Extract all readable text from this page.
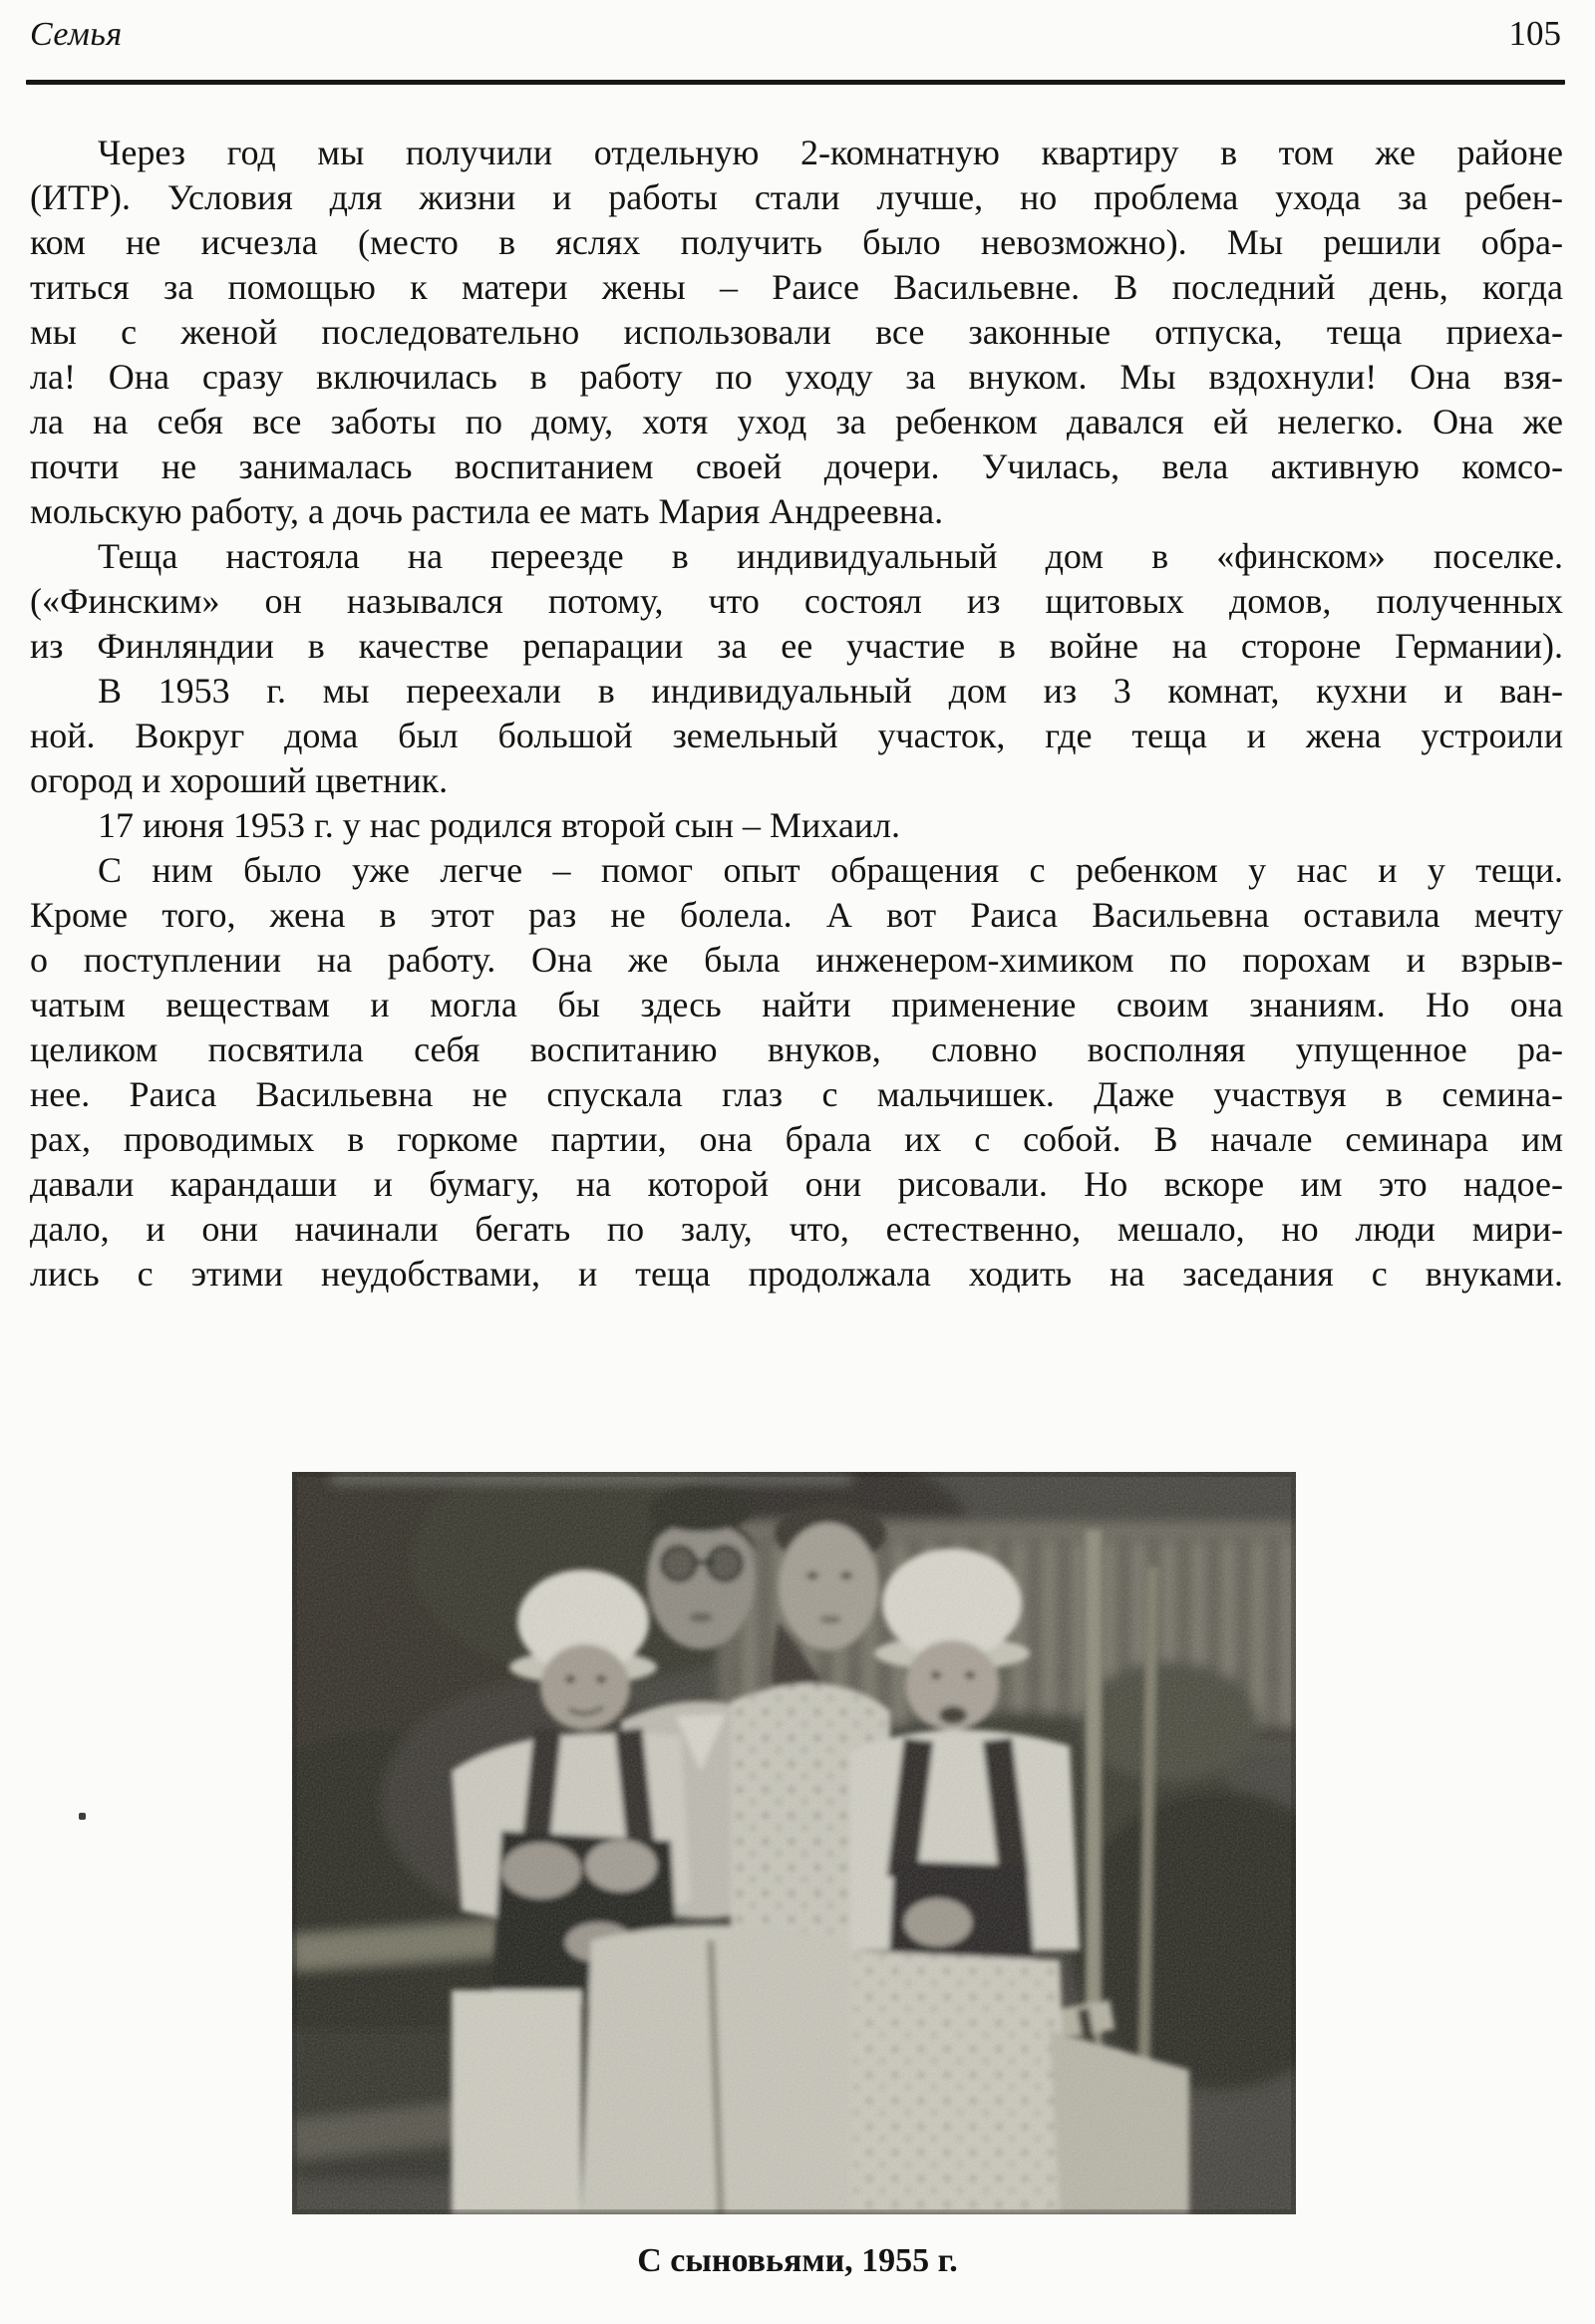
Семья	105
Через год мы получили отдельную 2-комнатную квартиру в том же районе
(ИТР). Условия для жизни и работы стали лучше, но проблема ухода за ребен-
ком не исчезла (место в яслях получить было невозможно). Мы решили обра-
титься за помощью к матери жены – Раисе Васильевне. В последний день, когда
мы с женой последовательно использовали все законные отпуска, теща приеха-
ла! Она сразу включилась в работу по уходу за внуком. Мы вздохнули! Она взя-
ла на себя все заботы по дому, хотя уход за ребенком давался ей нелегко. Она же
почти не занималась воспитанием своей дочери. Училась, вела активную комсо-
мольскую работу, а дочь растила ее мать Мария Андреевна.
Теща настояла на переезде в индивидуальный дом в «финском» поселке.
(«Финским» он назывался потому, что состоял из щитовых домов, полученных
из Финляндии в качестве репарации за ее участие в войне на стороне Германии).
В 1953 г. мы переехали в индивидуальный дом из 3 комнат, кухни и ван-
ной. Вокруг дома был большой земельный участок, где теща и жена устроили
огород и хороший цветник.
17 июня 1953 г. у нас родился второй сын – Михаил.
С ним было уже легче – помог опыт обращения с ребенком у нас и у тещи.
Кроме того, жена в этот раз не болела. А вот Раиса Васильевна оставила мечту
о поступлении на работу. Она же была инженером-химиком по порохам и взрыв-
чатым веществам и могла бы здесь найти применение своим знаниям. Но она
целиком посвятила себя воспитанию внуков, словно восполняя упущенное ра-
нее. Раиса Васильевна не спускала глаз с мальчишек. Даже участвуя в семина-
рах, проводимых в горкоме партии, она брала их с собой. В начале семинара им
давали карандаши и бумагу, на которой они рисовали. Но вскоре им это надое-
дало, и они начинали бегать по залу, что, естественно, мешало, но люди мири-
лись с этими неудобствами, и теща продолжала ходить на заседания с внуками.
С сыновьями, 1955 г.
